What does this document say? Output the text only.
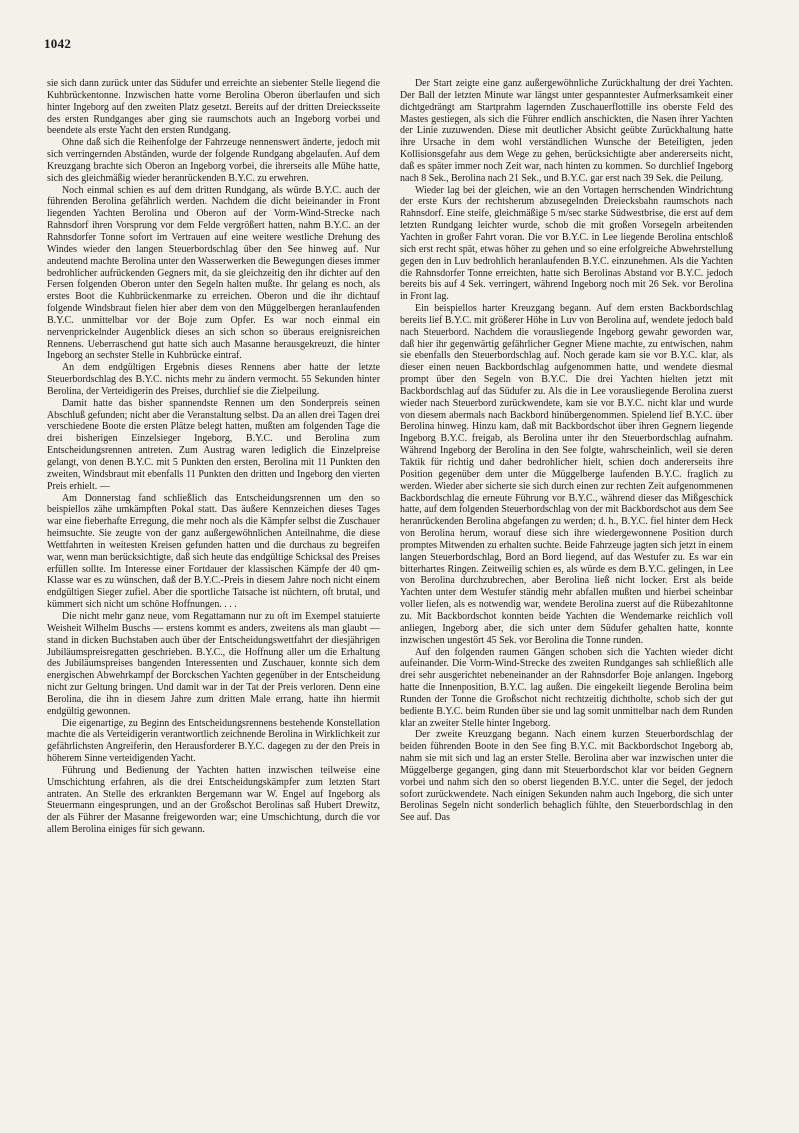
1042

sie sich dann zurück unter das Südufer und erreichte an siebenter Stelle liegend die Kuhbrückentonne. Inzwischen hatte vorne Berolina Oberon überlaufen und sich hinter Ingeborg auf den zweiten Platz gesetzt. Bereits auf der dritten Dreiecksseite des ersten Rundganges aber ging sie raumschots auch an Ingeborg vorbei und beendete als erste Yacht den ersten Rundgang.

Ohne daß sich die Reihenfolge der Fahrzeuge nennenswert änderte, jedoch mit sich verringernden Abständen, wurde der folgende Rundgang abgelaufen. Auf dem Kreuzgang brachte sich Oberon an Ingeborg vorbei, die ihrerseits alle Mühe hatte, sich des gleichmäßig wieder heranrückenden B.Y.C. zu erwehren.

Noch einmal schien es auf dem dritten Rundgang, als würde B.Y.C. auch der führenden Berolina gefährlich werden. Nachdem die dicht beieinander in Front liegenden Yachten Berolina und Oberon auf der Vorm-Wind-Strecke nach Rahnsdorf ihren Vorsprung vor dem Felde vergrößert hatten, nahm B.Y.C. an der Rahnsdorfer Tonne sofort im Vertrauen auf eine weitere westliche Drehung des Windes wieder den langen Steuerbordschlag über den See hinweg auf. Nur andeutend machte Berolina unter den Wasserwerken die Bewegungen dieses immer bedrohlicher aufrückenden Gegners mit, da sie gleichzeitig den ihr dichter auf den Fersen folgenden Oberon unter den Segeln halten mußte. Ihr gelang es noch, als erstes Boot die Kuhbrückenmarke zu erreichen. Oberon und die ihr dichtauf folgende Windsbraut fielen hier aber dem von den Müggelbergen heranlaufenden B.Y.C. unmittelbar vor der Boje zum Opfer. Es war noch einmal ein nervenprickelnder Augenblick dieses an sich schon so überaus ereignisreichen Rennens. Ueberraschend gut hatte sich auch Masanne herausgekreuzt, die hinter Ingeborg an sechster Stelle in Kuhbrücke eintraf.

An dem endgültigen Ergebnis dieses Rennens aber hatte der letzte Steuerbordschlag des B.Y.C. nichts mehr zu ändern vermocht. 55 Sekunden hinter Berolina, der Verteidigerin des Preises, durchlief sie die Zielpeilung.

Damit hatte das bisher spannendste Rennen um den Sonderpreis seinen Abschluß gefunden; nicht aber die Veranstaltung selbst. Da an allen drei Tagen drei verschiedene Boote die ersten Plätze belegt hatten, mußten am folgenden Tage die drei bisherigen Einzelsieger Ingeborg, B.Y.C. und Berolina zum Entscheidungsrennen antreten. Zum Austrag waren lediglich die Einzelpreise gelangt, von denen B.Y.C. mit 5 Punkten den ersten, Berolina mit 11 Punkten den zweiten, Windsbraut mit ebenfalls 11 Punkten den dritten und Ingeborg den vierten Preis erhielt. —

Am Donnerstag fand schließlich das Entscheidungsrennen um den so beispiellos zähe umkämpften Pokal statt. Das äußere Kennzeichen dieses Tages war eine fieberhafte Erregung, die mehr noch als die Kämpfer selbst die Zuschauer heimsuchte. Sie zeugte von der ganz außergewöhnlichen Anteilnahme, die diese Wettfahrten in weitesten Kreisen gefunden hatten und die durchaus zu begreifen war, wenn man berücksichtigte, daß sich heute das endgültige Schicksal des Preises erfüllen sollte. Im Interesse einer Fortdauer der klassischen Kämpfe der 40 qm-Klasse war es zu wünschen, daß der B.Y.C.-Preis in diesem Jahre noch nicht einem endgültigen Sieger zufiel. Aber die sportliche Tatsache ist nüchtern, oft brutal, und kümmert sich nicht um schöne Hoffnungen. . . .

Die nicht mehr ganz neue, vom Regattamann nur zu oft im Exempel statuierte Weisheit Wilhelm Buschs — erstens kommt es anders, zweitens als man glaubt — stand in dicken Buchstaben auch über der Entscheidungswettfahrt der diesjährigen Jubiläumspreisregatten geschrieben. B.Y.C., die Hoffnung aller um die Erhaltung des Jubiläumspreises bangenden Interessenten und Zuschauer, konnte sich dem energischen Abwehrkampf der Borckschen Yachten gegenüber in der Entscheidung nicht zur Geltung bringen. Und damit war in der Tat der Preis verloren. Denn eine Berolina, die ihn in diesem Jahre zum dritten Male errang, hatte ihn hiermit endgültig gewonnen.

Die eigenartige, zu Beginn des Entscheidungsrennens bestehende Konstellation machte die als Verteidigerin verantwortlich zeichnende Berolina in Wirklichkeit zur gefährlichsten Angreiferin, den Herausforderer B.Y.C. dagegen zu der den Preis in höherem Sinne verteidigenden Yacht.

Führung und Bedienung der Yachten hatten inzwischen teilweise eine Umschichtung erfahren, als die drei Entscheidungskämpfer zum letzten Start antraten. An Stelle des erkrankten Bergemann war W. Engel auf Ingeborg als Steuermann eingesprungen, und an der Großschot Berolinas saß Hubert Drewitz, der als Führer der Masanne freigeworden war; eine Umschichtung, durch die vor allem Berolina einiges für sich gewann.

Der Start zeigte eine ganz außergewöhnliche Zurückhaltung der drei Yachten. Der Ball der letzten Minute war längst unter gespanntester Aufmerksamkeit einer dichtgedrängt am Startprahm lagernden Zuschauerflottille ins oberste Feld des Mastes gestiegen, als sich die Führer endlich anschickten, die Nasen ihrer Yachten der Linie zuzuwenden. Diese mit deutlicher Absicht geübte Zurückhaltung hatte ihre Ursache in dem wohl verständlichen Wunsche der Beteiligten, jeden Kollisionsgefahr aus dem Wege zu gehen, berücksichtigte aber andererseits nicht, daß es später immer noch Zeit war, nach hinten zu kommen. So durchlief Ingeborg nach 8 Sek., Berolina nach 21 Sek., und B.Y.C. gar erst nach 39 Sek. die Peilung.

Wieder lag bei der gleichen, wie an den Vortagen herrschenden Windrichtung der erste Kurs der rechtsherum abzusegelnden Dreiecksbahn raumschots nach Rahnsdorf. Eine steife, gleichmäßige 5 m/sec starke Südwestbrise, die erst auf dem letzten Rundgang leichter wurde, schob die mit großen Vorsegeln arbeitenden Yachten in großer Fahrt voran. Die vor B.Y.C. in Lee liegende Berolina entschloß sich erst recht spät, etwas höher zu gehen und so eine erfolgreiche Abwehrstellung gegen den in Luv bedrohlich heranlaufenden B.Y.C. einzunehmen. Als die Yachten die Rahnsdorfer Tonne erreichten, hatte sich Berolinas Abstand vor B.Y.C. jedoch bereits bis auf 4 Sek. verringert, während Ingeborg noch mit 26 Sek. vor Berolina in Front lag.

Ein beispiellos harter Kreuzgang begann. Auf dem ersten Backbordschlag bereits lief B.Y.C. mit größerer Höhe in Luv von Berolina auf, wendete jedoch bald nach Steuerbord. Nachdem die vorausliegende Ingeborg gewahr geworden war, daß hier ihr gegenwärtig gefährlicher Gegner Miene machte, zu entwischen, nahm sie ebenfalls den Steuerbordschlag auf. Noch gerade kam sie vor B.Y.C. klar, als dieser einen neuen Backbordschlag aufgenommen hatte, und wendete diesmal prompt über den Segeln von B.Y.C. Die drei Yachten hielten jetzt mit Backbordschlag auf das Südufer zu. Als die in Lee vorausliegende Berolina zuerst wieder nach Steuerbord zurückwendete, kam sie vor B.Y.C. nicht klar und wurde von diesem abermals nach Backbord hinübergenommen. Spielend lief B.Y.C. über Berolina hinweg. Hinzu kam, daß mit Backbordschot über ihren Gegnern liegende Ingeborg B.Y.C. freigab, als Berolina unter ihr den Steuerbordschlag aufnahm. Während Ingeborg der Berolina in den See folgte, wahrscheinlich, weil sie deren Taktik für richtig und daher bedrohlicher hielt, schien doch andererseits ihre Position gegenüber dem unter die Müggelberge laufenden B.Y.C. fraglich zu werden. Wieder aber sicherte sie sich durch einen zur rechten Zeit aufgenommenen Backbordschlag die erneute Führung vor B.Y.C., während dieser das Mißgeschick hatte, auf dem folgenden Steuerbordschlag von der mit Backbordschot aus dem See heranrückenden Berolina abgefangen zu werden; d. h., B.Y.C. fiel hinter dem Heck von Berolina herum, worauf diese sich ihre wiedergewonnene Position durch promptes Mitwenden zu erhalten suchte. Beide Fahrzeuge jagten sich jetzt in einem langen Steuerbordschlag, Bord an Bord liegend, auf das Westufer zu. Es war ein bitterhartes Ringen. Zeitweilig schien es, als würde es dem B.Y.C. gelingen, in Lee von Berolina durchzubrechen, aber Berolina ließ nicht locker. Erst als beide Yachten unter dem Westufer ständig mehr abfallen mußten und hierbei scheinbar voller liefen, als es notwendig war, wendete Berolina zuerst auf die Rübezahltonne zu. Mit Backbordschot konnten beide Yachten die Wendemarke reichlich voll anliegen, Ingeborg aber, die sich unter dem Südufer gehalten hatte, konnte inzwischen ungestört 45 Sek. vor Berolina die Tonne runden.

Auf den folgenden raumen Gängen schoben sich die Yachten wieder dicht aufeinander. Die Vorm-Wind-Strecke des zweiten Rundganges sah schließlich alle drei sehr ausgerichtet nebeneinander an der Rahnsdorfer Boje anlangen. Ingeborg hatte die Innenposition, B.Y.C. lag außen. Die eingekeilt liegende Berolina beim Runden der Tonne die Großschot nicht rechtzeitig dichtholte, schob sich der gut bediente B.Y.C. beim Runden über sie und lag somit unmittelbar nach dem Runden klar an zweiter Stelle hinter Ingeborg.

Der zweite Kreuzgang begann. Nach einem kurzen Steuerbordschlag der beiden führenden Boote in den See fing B.Y.C. mit Backbordschot Ingeborg ab, nahm sie mit sich und lag an erster Stelle. Berolina aber war inzwischen unter die Müggelberge gegangen, ging dann mit Steuerbordschot klar vor beiden Gegnern vorbei und nahm sich den so oberst liegenden B.Y.C. unter die Segel, der jedoch sofort zurückwendete. Nach einigen Sekunden nahm auch Ingeborg, die sich unter Berolinas Segeln nicht sonderlich behaglich fühlte, den Steuerbordschlag in den See auf. Das
